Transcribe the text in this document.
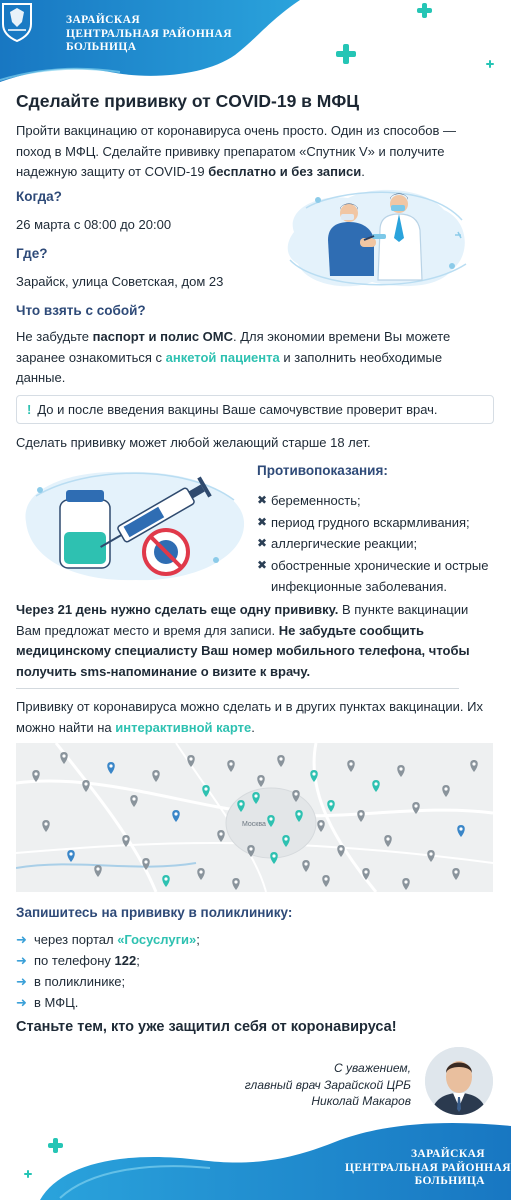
ЗАРАЙСКАЯ
ЦЕНТРАЛЬНАЯ РАЙОННАЯ
БОЛЬНИЦА
Сделайте прививку от COVID-19 в МФЦ

Пройти вакцинацию от коронавируса очень просто. Один из способов — поход в МФЦ. Сделайте прививку препаратом «Спутник V» и получите надежную защиту от COVID-19 бесплатно и без записи.

Когда?

26 марта с 08:00 до 20:00

Где?

Зарайск, улица Советская, дом 23

Что взять с собой?

Не забудьте паспорт и полис ОМС. Для экономии времени Вы можете заранее ознакомиться с анкетой пациента и заполнить необходимые данные.

! До и после введения вакцины Ваше самочувствие проверит врач.

Сделать прививку может любой желающий старше 18 лет.

Противопоказания:
✖ беременность;
✖ период грудного вскармливания;
✖ аллергические реакции;
✖ обостренные хронические и острые инфекционные заболевания.

Через 21 день нужно сделать еще одну прививку. В пункте вакцинации Вам предложат место и время для записи. Не забудьте сообщить медицинскому специалисту Ваш номер мобильного телефона, чтобы получить sms-напоминание о визите к врачу.

Прививку от коронавируса можно сделать и в других пунктах вакцинации. Их можно найти на интерактивной карте.

Москва
Запишитесь на прививку в поликлинику:
➜ через портал «Госуслуги»;
➜ по телефону 122;
➜ в поликлинике;
➜ в МФЦ.
Станьте тем, кто уже защитил себя от коронавируса!
С уважением,
главный врач Зарайской ЦРБ
Николай Макаров
ЗАРАЙСКАЯ
ЦЕНТРАЛЬНАЯ РАЙОННАЯ
БОЛЬНИЦА
